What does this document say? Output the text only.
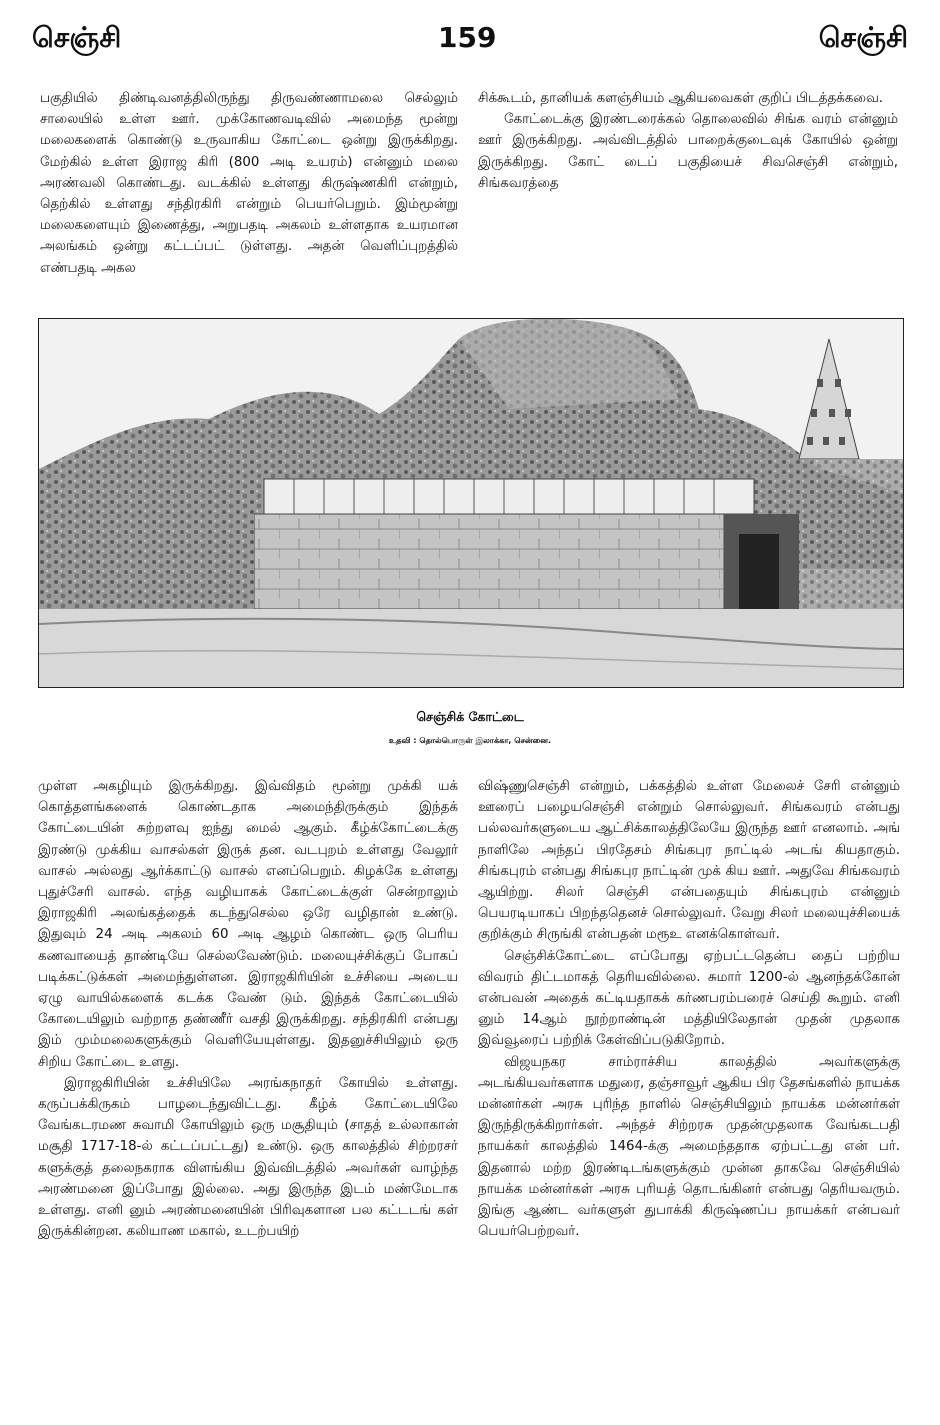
செஞ்சி	159	செஞ்சி

பகுதியில் திண்டிவனத்திலிருந்து திருவண்ணாமலை செல்லும் சாலையில் உள்ள ஊர். முக்கோணவடிவில் அமைந்த மூன்று மலைகளைக் கொண்டு உருவாகிய கோட்டை ஒன்று இருக்கிறது. மேற்கில் உள்ள இராஜ கிரி (800 அடி உயரம்) என்னும் மலை அரண்வலி கொண்டது. வடக்கில் உள்ளது கிருஷ்ணகிரி என்றும், தெற்கில் உள்ளது சந்திரகிரி என்றும் பெயர்பெறும். இம்மூன்று மலைகளையும் இணைத்து, அறுபதடி அகலம் உள்ளதாக உயரமான அலங்கம் ஒன்று கட்டப்பட் டுள்ளது. அதன் வெளிப்புறத்தில் எண்பதடி அகல

சிக்கூடம், தானியக் களஞ்சியம் ஆகியவைகள் குறிப் பிடத்தக்கவை.

கோட்டைக்கு இரண்டரைக்கல் தொலைவில் சிங்க வரம் என்னும் ஊர் இருக்கிறது. அவ்விடத்தில் பாறைக்குடைவுக் கோயில் ஒன்று இருக்கிறது. கோட் டைப் பகுதியைச் சிவசெஞ்சி என்றும், சிங்கவரத்தை

செஞ்சிக் கோட்டை
உதவி : தொல்பொருள் இலாக்கா, சென்னை.

முள்ள அகழியும் இருக்கிறது. இவ்விதம் மூன்று முக்கி யக் கொத்தளங்களைக் கொண்டதாக அமைந்திருக்கும் இந்தக் கோட்டையின் சுற்றளவு ஐந்து மைல் ஆகும். கீழ்க்கோட்டைக்கு இரண்டு முக்கிய வாசல்கள் இருக் தன. வடபுறம் உள்ளது வேலூர் வாசல் அல்லது ஆர்க்காட்டு வாசல் எனப்பெறும். கிழக்கே உள்ளது புதுச்சேரி வாசல். எந்த வழியாகக் கோட்டைக்குள் சென்றாலும் இராஜகிரி அலங்கத்தைக் கடந்துசெல்ல ஒரே வழிதான் உண்டு. இதுவும் 24 அடி அகலம் 60 அடி ஆழம் கொண்ட ஒரு பெரிய கணவாயைத் தாண்டியே செல்லவேண்டும். மலையுச்சிக்குப் போகப் படிக்கட்டுக்கள் அமைந்துள்ளன. இராஜகிரியின் உச்சியை அடைய ஏழு வாயில்களைக் கடக்க வேண் டும். இந்தக் கோட்டையில் கோடையிலும் வற்றாத தண்ணீர் வசதி இருக்கிறது. சந்திரகிரி என்பது இம் மும்மலைகளுக்கும் வெளியேயுள்ளது. இதனுச்சியிலும் ஒரு சிறிய கோட்டை உளது.

இராஜகிரியின் உச்சியிலே அரங்கநாதர் கோயில் உள்ளது. கருப்பக்கிருகம் பாழடைந்துவிட்டது. கீழ்க் கோட்டையிலே வேங்கடரமண சுவாமி கோயிலும் ஒரு மசூதியும் (சாதத் உல்லாகான் மசூதி 1717-18-ல் கட்டப்பட்டது) உண்டு. ஒரு காலத்தில் சிற்றரசர் களுக்குத் தலைநகராக விளங்கிய இவ்விடத்தில் அவர்கள் வாழ்ந்த அரண்மனை இப்போது இல்லை. அது இருந்த இடம் மண்மேடாக உள்ளது. எனி னும் அரண்மனையின் பிரிவுகளான பல கட்டடங் கள் இருக்கின்றன. கலியாண மகால், உடற்பயிற்

விஷ்ணுசெஞ்சி என்றும், பக்கத்தில் உள்ள மேலைச் சேரி என்னும் ஊரைப் பழையசெஞ்சி என்றும் சொல்லுவர். சிங்கவரம் என்பது பல்லவர்களுடைய ஆட்சிக்காலத்திலேயே இருந்த ஊர் எனலாம். அங் நாளிலே அந்தப் பிரதேசம் சிங்கபுர நாட்டில் அடங் கியதாகும். சிங்கபுரம் என்பது சிங்கபுர நாட்டின் முக் கிய ஊர். அதுவே சிங்கவரம் ஆயிற்று. சிலர் செஞ்சி என்பதையும் சிங்கபுரம் என்னும் பெயரடியாகப் பிறந்ததெனச் சொல்லுவர். வேறு சிலர் மலையுச்சியைக் குறிக்கும் சிருங்கி என்பதன் மரூஉ எனக்கொள்வர்.

செஞ்சிக்கோட்டை எப்போது ஏற்பட்டதென்ப தைப் பற்றிய விவரம் திட்டமாகத் தெரியவில்லை. சுமார் 1200-ல் ஆனந்தக்கோன் என்பவன் அதைக் கட்டியதாகக் கர்ணபரம்பரைச் செய்தி கூறும். எனி னும் 14ஆம் நூற்றாண்டின் மத்தியிலேதான் முதன் முதலாக இவ்வூரைப் பற்றிக் கேள்விப்படுகிறோம்.

விஜயநகர சாம்ராச்சிய காலத்தில் அவர்களுக்கு அடங்கியவர்களாக மதுரை, தஞ்சாவூர் ஆகிய பிர தேசங்களில் நாயக்க மன்னர்கள் அரசு புரிந்த நாளில் செஞ்சியிலும் நாயக்க மன்னர்கள் இருந்திருக்கிறார்கள். அந்தச் சிற்றரசு முதன்முதலாக வேங்கடபதி நாயக்கர் காலத்தில் 1464-க்கு அமைந்ததாக ஏற்பட்டது என் பர். இதனால் மற்ற இரண்டிடங்களுக்கும் முன்ன தாகவே செஞ்சியில் நாயக்க மன்னர்கள் அரசு புரியத் தொடங்கினர் என்பது தெரியவரும். இங்கு ஆண்ட வர்களுள் துபாக்கி கிருஷ்ணப்ப நாயக்கர் என்பவர் பெயர்பெற்றவர்.
